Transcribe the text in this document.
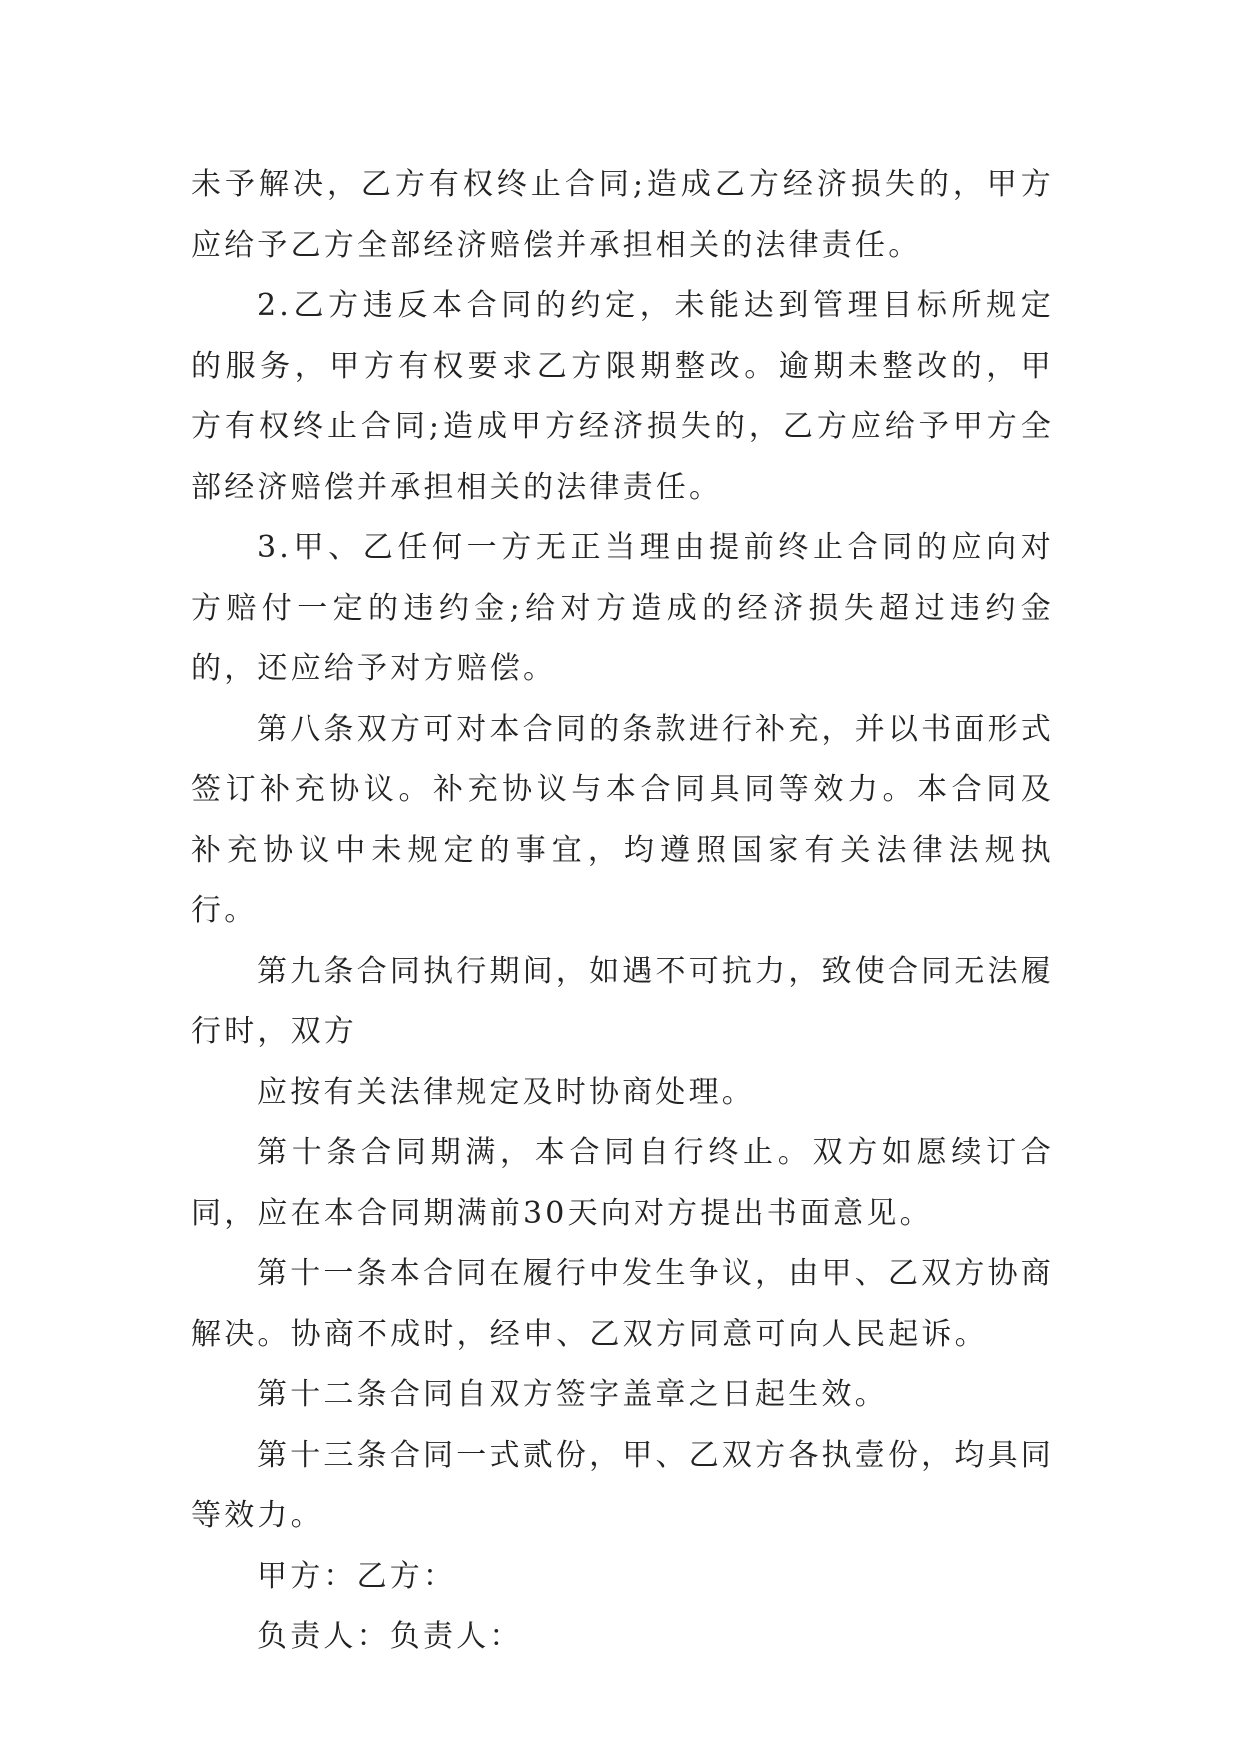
未予解决，乙方有权终止合同;造成乙方经济损失的，甲方应给予乙方全部经济赔偿并承担相关的法律责任。

2.乙方违反本合同的约定，未能达到管理目标所规定的服务，甲方有权要求乙方限期整改。逾期未整改的，甲方有权终止合同;造成甲方经济损失的，乙方应给予甲方全部经济赔偿并承担相关的法律责任。

3.甲、乙任何一方无正当理由提前终止合同的应向对方赔付一定的违约金;给对方造成的经济损失超过违约金的，还应给予对方赔偿。

第八条双方可对本合同的条款进行补充，并以书面形式签订补充协议。补充协议与本合同具同等效力。本合同及补充协议中未规定的事宜，均遵照国家有关法律法规执行。

第九条合同执行期间，如遇不可抗力，致使合同无法履行时，双方

应按有关法律规定及时协商处理。

第十条合同期满，本合同自行终止。双方如愿续订合同，应在本合同期满前30天向对方提出书面意见。

第十一条本合同在履行中发生争议，由甲、乙双方协商解决。协商不成时，经申、乙双方同意可向人民起诉。

第十二条合同自双方签字盖章之日起生效。

第十三条合同一式贰份，甲、乙双方各执壹份，均具同等效力。

甲方：乙方：

负责人：负责人：
